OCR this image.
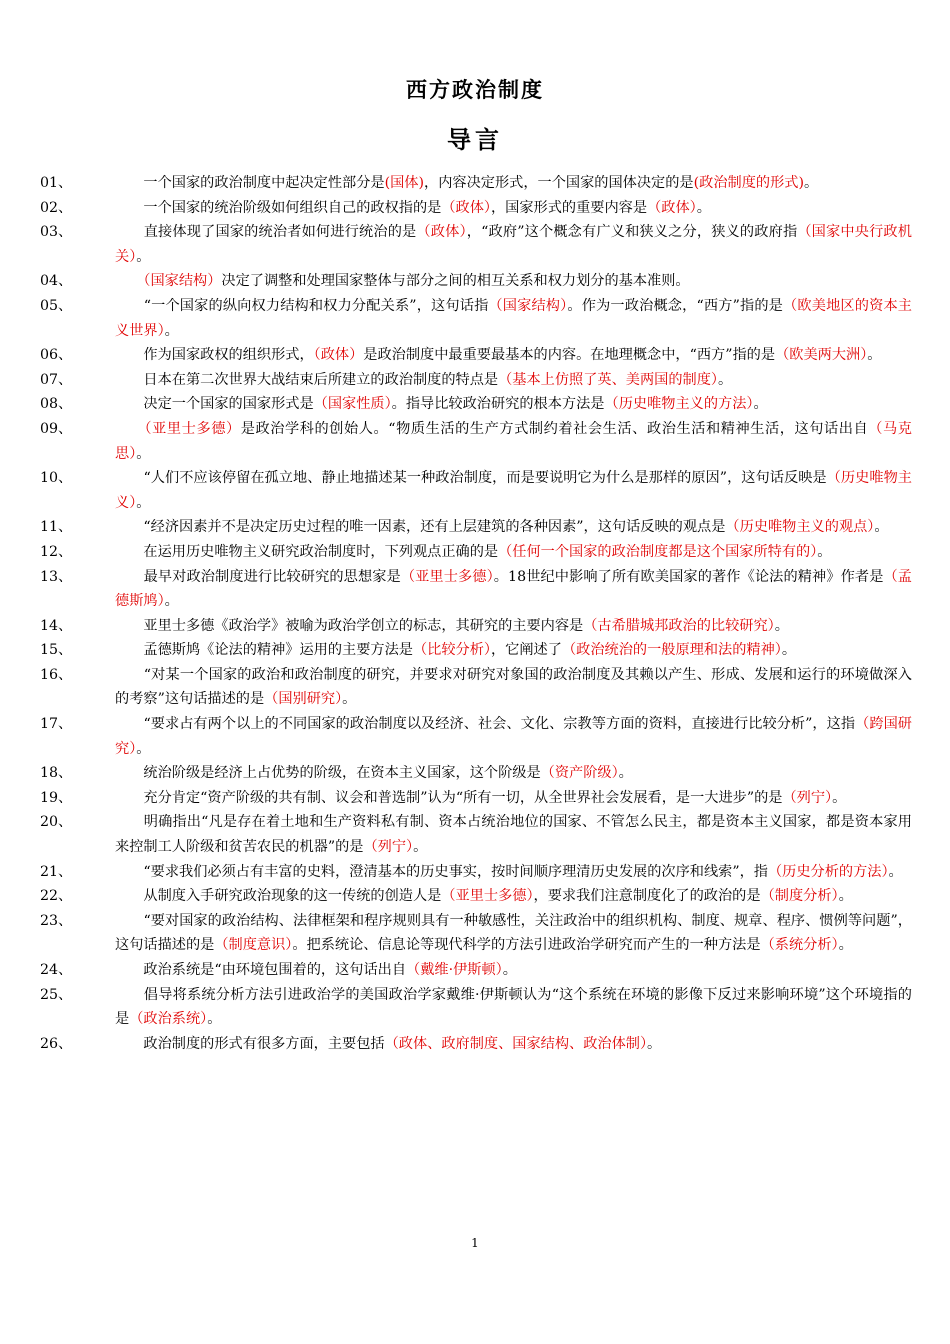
西方政治制度
导言
01、	　　一个国家的政治制度中起决定性部分是(国体)，内容决定形式，一个国家的国体决定的是(政治制度的形式)。
02、	　　一个国家的统治阶级如何组织自己的政权指的是（政体），国家形式的重要内容是（政体）。
03、	　　直接体现了国家的统治者如何进行统治的是（政体），“政府”这个概念有广义和狭义之分，狭义的政府指（国家中央行政机关）。
04、
　　	（国家结构）决定了调整和处理国家整体与部分之间的相互关系和权力划分的基本准则。
05、	　　“一个国家的纵向权力结构和权力分配关系”，这句话指（国家结构）。作为一政治概念，“西方”指的是（欧美地区的资本主义世界）。
06、	　　作为国家政权的组织形式，（政体）是政治制度中最重要最基本的内容。在地理概念中，“西方”指的是（欧美两大洲）。
07、	　　日本在第二次世界大战结束后所建立的政治制度的特点是（基本上仿照了英、美两国的制度）。
08、	　　决定一个国家的国家形式是（国家性质）。指导比较政治研究的根本方法是（历史唯物主义的方法）。
09、
　　	（亚里士多德）是政治学科的创始人。“物质生活的生产方式制约着社会生活、政治生活和精神生活，这句话出自（马克思）。
10、	　　“人们不应该停留在孤立地、静止地描述某一种政治制度，而是要说明它为什么是那样的原因”，这句话反映是（历史唯物主义）。
11、	　　“经济因素并不是决定历史过程的唯一因素，还有上层建筑的各种因素”，这句话反映的观点是（历史唯物主义的观点）。
12、	　　在运用历史唯物主义研究政治制度时，下列观点正确的是（任何一个国家的政治制度都是这个国家所特有的）。
13、	　　最早对政治制度进行比较研究的思想家是（亚里士多德）。18世纪中影响了所有欧美国家的著作《论法的精神》作者是（孟德斯鸠）。
14、	　　亚里士多德《政治学》被喻为政治学创立的标志，其研究的主要内容是（古希腊城邦政治的比较研究）。
15、	　　孟德斯鸠《论法的精神》运用的主要方法是（比较分析），它阐述了（政治统治的一般原理和法的精神）。
16、	　　“对某一个国家的政治和政治制度的研究，并要求对研究对象国的政治制度及其赖以产生、形成、发展和运行的环境做深入的考察”这句话描述的是（国别研究）。
17、	　　“要求占有两个以上的不同国家的政治制度以及经济、社会、文化、宗教等方面的资料，直接进行比较分析”，这指（跨国研究）。
18、	　　统治阶级是经济上占优势的阶级，在资本主义国家，这个阶级是（资产阶级）。
19、	　　充分肯定“资产阶级的共有制、议会和普选制”认为“所有一切，从全世界社会发展看，是一大进步”的是（列宁）。
20、	　　明确指出“凡是存在着土地和生产资料私有制、资本占统治地位的国家、不管怎么民主，都是资本主义国家，都是资本家用来控制工人阶级和贫苦农民的机器”的是（列宁）。
21、	　　“要求我们必须占有丰富的史料，澄清基本的历史事实，按时间顺序理清历史发展的次序和线索”，指（历史分析的方法）。
22、	　　从制度入手研究政治现象的这一传统的创造人是（亚里士多德），要求我们注意制度化了的政治的是（制度分析）。
23、	　　“要对国家的政治结构、法律框架和程序规则具有一种敏感性，关注政治中的组织机构、制度、规章、程序、惯例等问题”，这句话描述的是（制度意识）。把系统论、信息论等现代科学的方法引进政治学研究而产生的一种方法是（系统分析）。
24、	　　政治系统是“由环境包围着的，这句话出自（戴维·伊斯顿）。
25、	　　倡导将系统分析方法引进政治学的美国政治学家戴维·伊斯顿认为“这个系统在环境的影像下反过来影响环境”这个环境指的是（政治系统）。
26、	　　政治制度的形式有很多方面，主要包括（政体、政府制度、国家结构、政治体制）。
1
